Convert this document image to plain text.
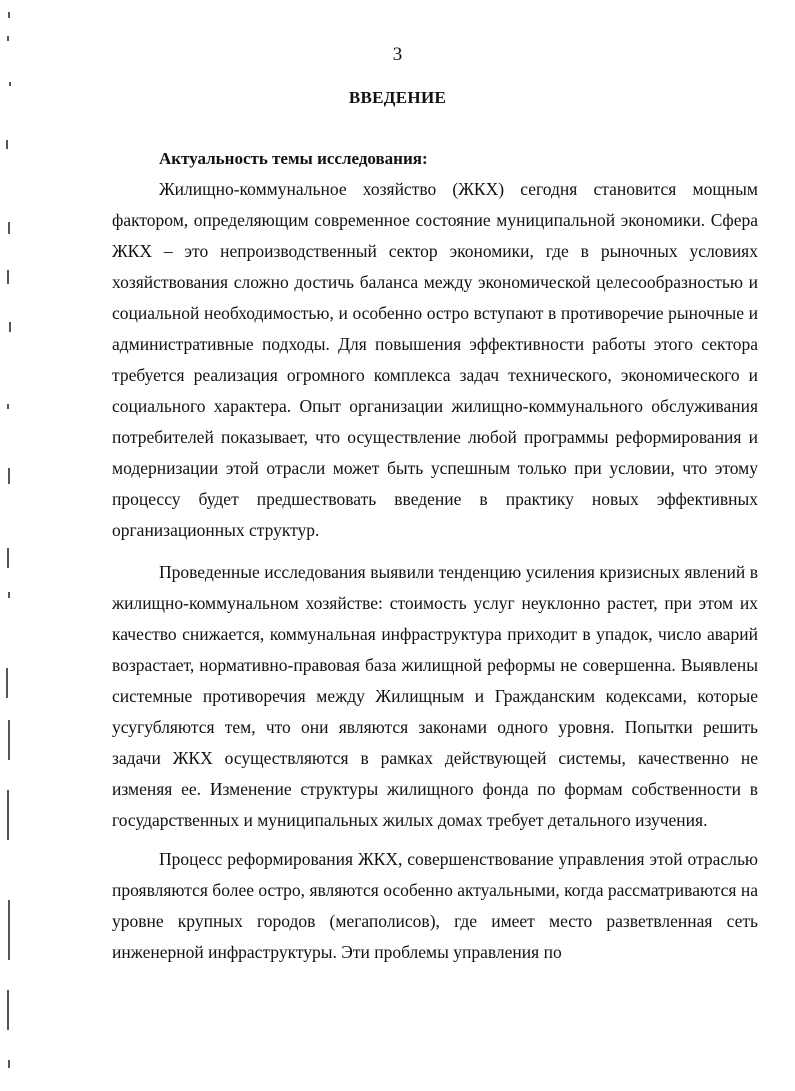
3
ВВЕДЕНИЕ

Актуальность темы исследования:

Жилищно-коммунальное хозяйство (ЖКХ) сегодня становится мощным фактором, определяющим современное состояние муниципальной экономики. Сфера ЖКХ – это непроизводственный сектор экономики, где в рыночных условиях хозяйствования сложно достичь баланса между экономической целесообразностью и социальной необходимостью, и особенно остро вступают в противоречие рыночные и административные подходы. Для повышения эффективности работы этого сектора требуется реализация огромного комплекса задач технического, экономического и социального характера. Опыт организации жилищно-коммунального обслуживания потребителей показывает, что осуществление любой программы реформирования и модернизации этой отрасли может быть успешным только при условии, что этому процессу будет предшествовать введение в практику новых эффективных организационных структур.

Проведенные исследования выявили тенденцию усиления кризисных явлений в жилищно-коммунальном хозяйстве: стоимость услуг неуклонно растет, при этом их качество снижается, коммунальная инфраструктура приходит в упадок, число аварий возрастает, нормативно-правовая база жилищной реформы не совершенна. Выявлены системные противоречия между Жилищным и Гражданским кодексами, которые усугубляются тем, что они являются законами одного уровня. Попытки решить задачи ЖКХ осуществляются в рамках действующей системы, качественно не изменяя ее. Изменение структуры жилищного фонда по формам собственности в государственных и муниципальных жилых домах требует детального изучения.

Процесс реформирования ЖКХ, совершенствование управления этой отраслью проявляются более остро, являются особенно актуальными, когда рассматриваются на уровне крупных городов (мегаполисов), где имеет место разветвленная сеть инженерной инфраструктуры. Эти проблемы управления по
